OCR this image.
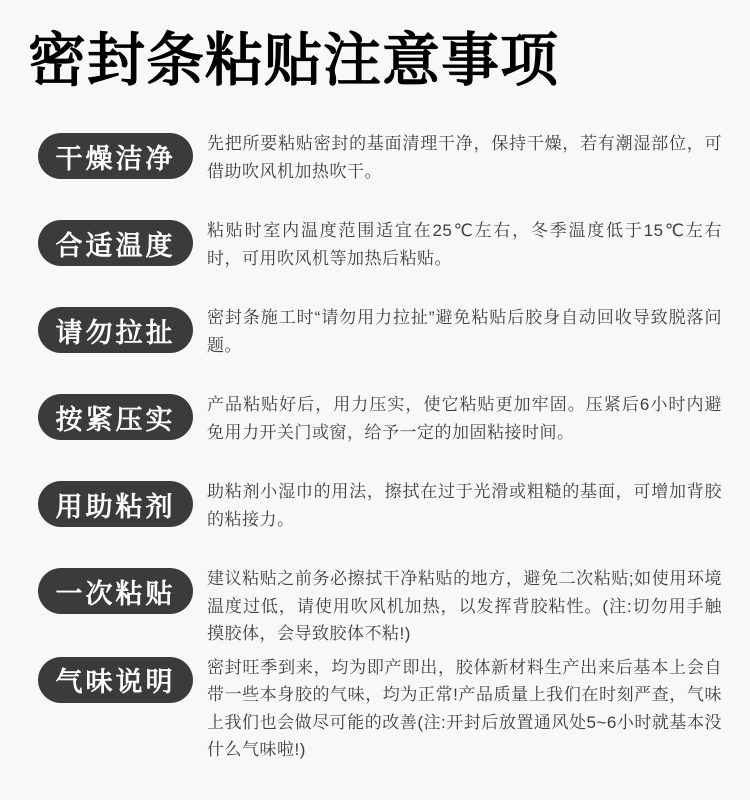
密封条粘贴注意事项
干燥洁净	先把所要粘贴密封的基面清理干净，保持干燥，若有潮湿部位，可借助吹风机加热吹干。
合适温度	粘贴时室内温度范围适宜在25℃左右，冬季温度低于15℃左右时，可用吹风机等加热后粘贴。
请勿拉扯	密封条施工时“请勿用力拉扯”避免粘贴后胶身自动回收导致脱落问题。
按紧压实	产品粘贴好后，用力压实，使它粘贴更加牢固。压紧后6小时内避免用力开关门或窗，给予一定的加固粘接时间。
用助粘剂	助粘剂小湿巾的用法，擦拭在过于光滑或粗糙的基面，可增加背胶的粘接力。
一次粘贴	建议粘贴之前务必擦拭干净粘贴的地方，避免二次粘贴;如使用环境温度过低，请使用吹风机加热，以发挥背胶粘性。(注:切勿用手触摸胶体，会导致胶体不粘!)
气味说明	密封旺季到来，均为即产即出，胶体新材料生产出来后基本上会自带一些本身胶的气味，均为正常!产品质量上我们在时刻严查，气味上我们也会做尽可能的改善(注:开封后放置通风处5~6小时就基本没什么气味啦!)
